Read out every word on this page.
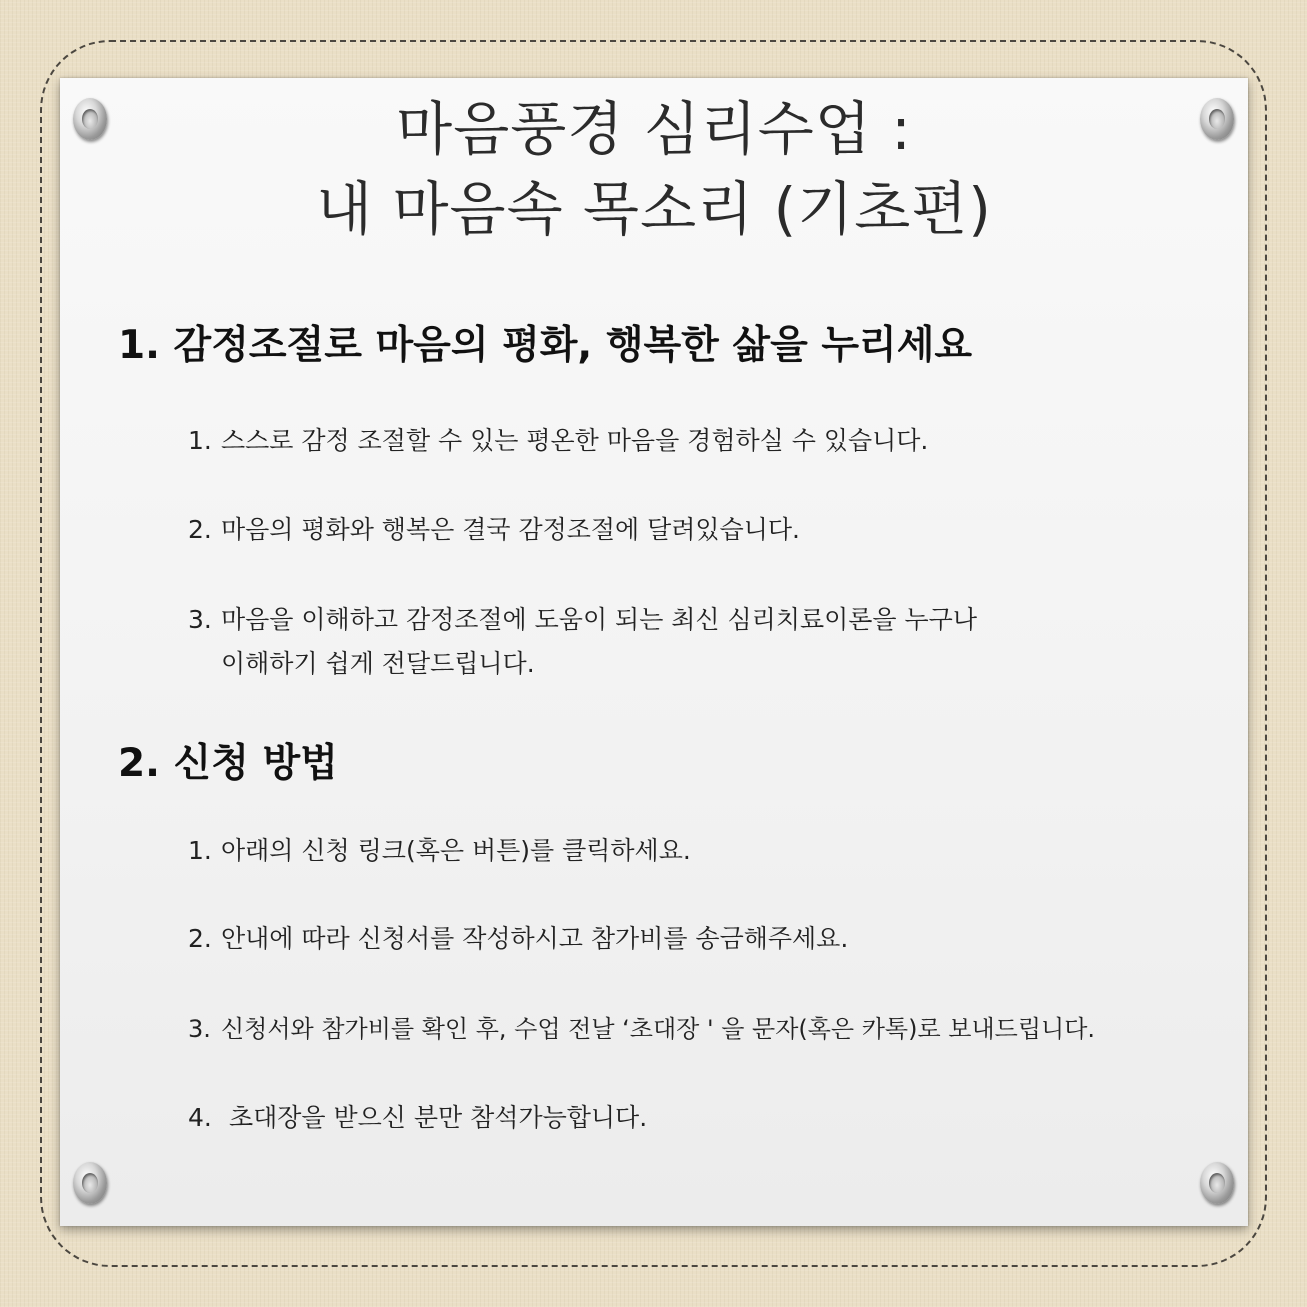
마음풍경 심리수업 :
내 마음속 목소리 (기초편)
1. 감정조절로 마음의 평화, 행복한 삶을 누리세요
1. 스스로 감정 조절할 수 있는 평온한 마음을 경험하실 수 있습니다.
2. 마음의 평화와 행복은 결국 감정조절에 달려있습니다.
3. 마음을 이해하고 감정조절에 도움이 되는 최신 심리치료이론을 누구나
이해하기 쉽게 전달드립니다.
2. 신청 방법
1. 아래의 신청 링크(혹은 버튼)를 클릭하세요.
2. 안내에 따라 신청서를 작성하시고 참가비를 송금해주세요.
3. 신청서와 참가비를 확인 후, 수업 전날 ‘초대장 ' 을 문자(혹은 카톡)로 보내드립니다.
4. 초대장을 받으신 분만 참석가능합니다.
